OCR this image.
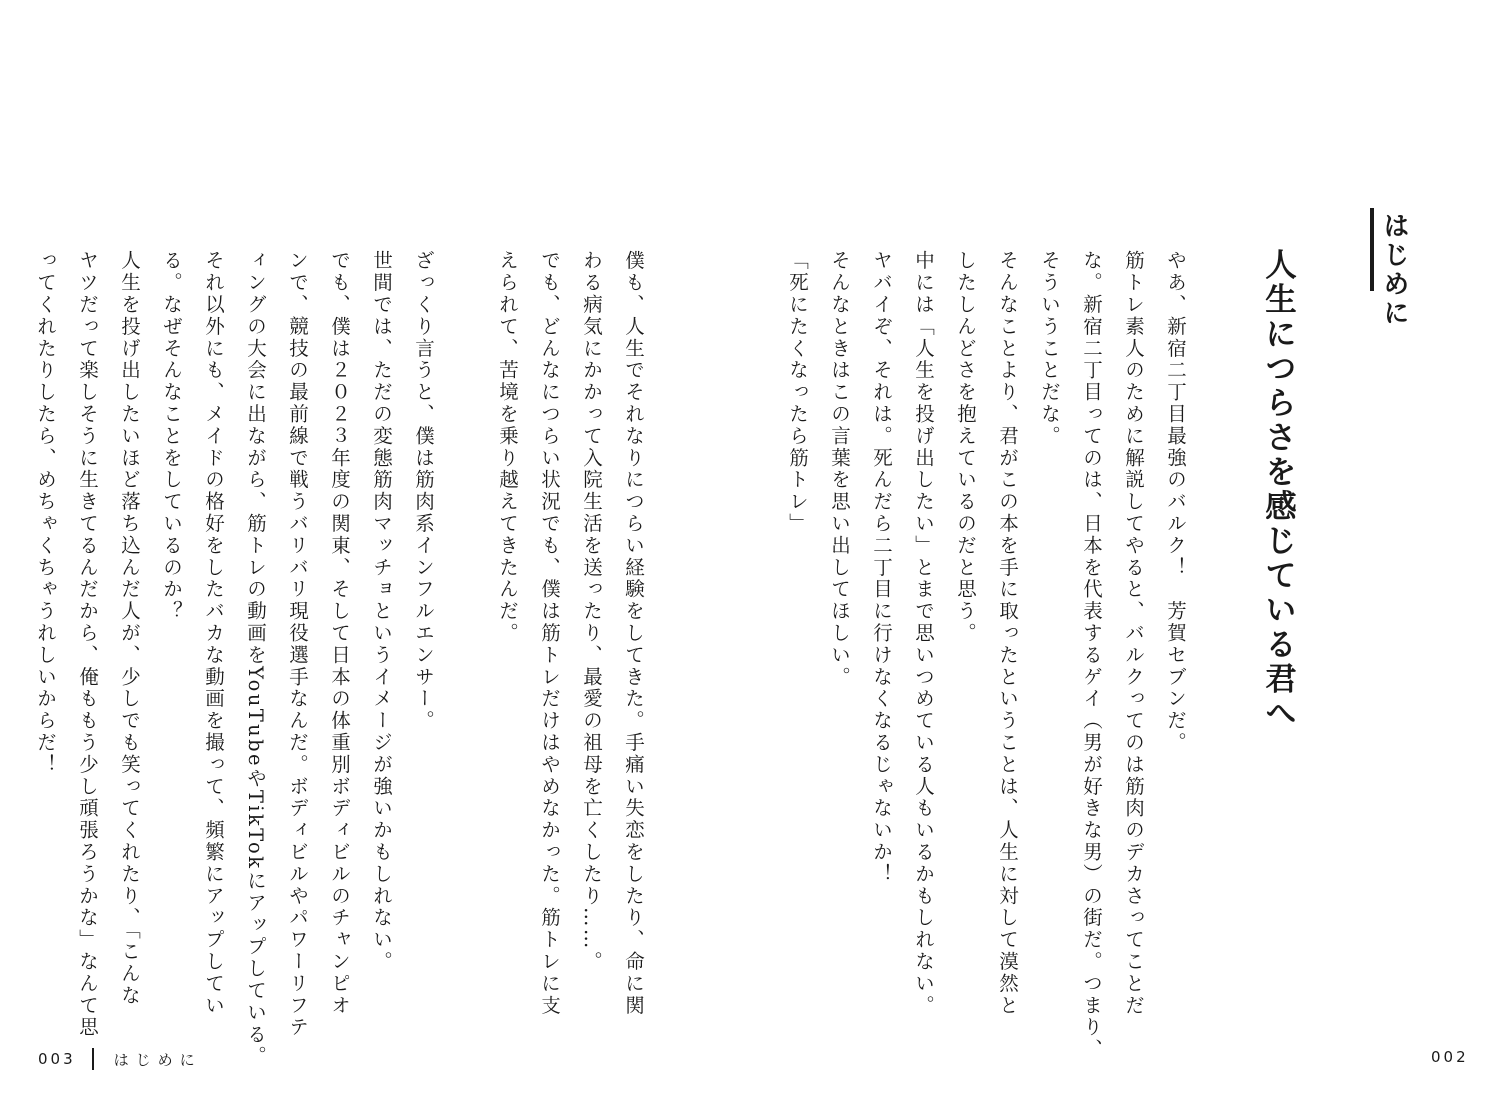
はじめに
人生につらさを感じている君へ
やあ、新宿二丁目最強のバルク！　芳賀セブンだ。
筋トレ素人のために解説してやると、バルクってのは筋肉のデカさってことだ
な。新宿二丁目ってのは、日本を代表するゲイ（男が好きな男）の街だ。つまり、
そういうことだな。
そんなことより、君がこの本を手に取ったということは、人生に対して漠然と
したしんどさを抱えているのだと思う。
中には「人生を投げ出したい」とまで思いつめている人もいるかもしれない。
ヤバイぞ、それは。死んだら二丁目に行けなくなるじゃないか！
そんなときはこの言葉を思い出してほしい。
「死にたくなったら筋トレ」
僕も、人生でそれなりにつらい経験をしてきた。手痛い失恋をしたり、命に関
わる病気にかかって入院生活を送ったり、最愛の祖母を亡くしたり……。
でも、どんなにつらい状況でも、僕は筋トレだけはやめなかった。筋トレに支
えられて、苦境を乗り越えてきたんだ。
ざっくり言うと、僕は筋肉系インフルエンサー。
世間では、ただの変態筋肉マッチョというイメージが強いかもしれない。
でも、僕は２０２３年度の関東、そして日本の体重別ボディビルのチャンピオ
ンで、競技の最前線で戦うバリバリ現役選手なんだ。ボディビルやパワーリフテ
ィングの大会に出ながら、筋トレの動画をYouTubeやTikTokにアップしている。
それ以外にも、メイドの格好をしたバカな動画を撮って、頻繁にアップしてい
る。なぜそんなことをしているのか？
人生を投げ出したいほど落ち込んだ人が、少しでも笑ってくれたり、「こんな
ヤツだって楽しそうに生きてるんだから、俺ももう少し頑張ろうかな」なんて思
ってくれたりしたら、めちゃくちゃうれしいからだ！
003	はじめに	002
